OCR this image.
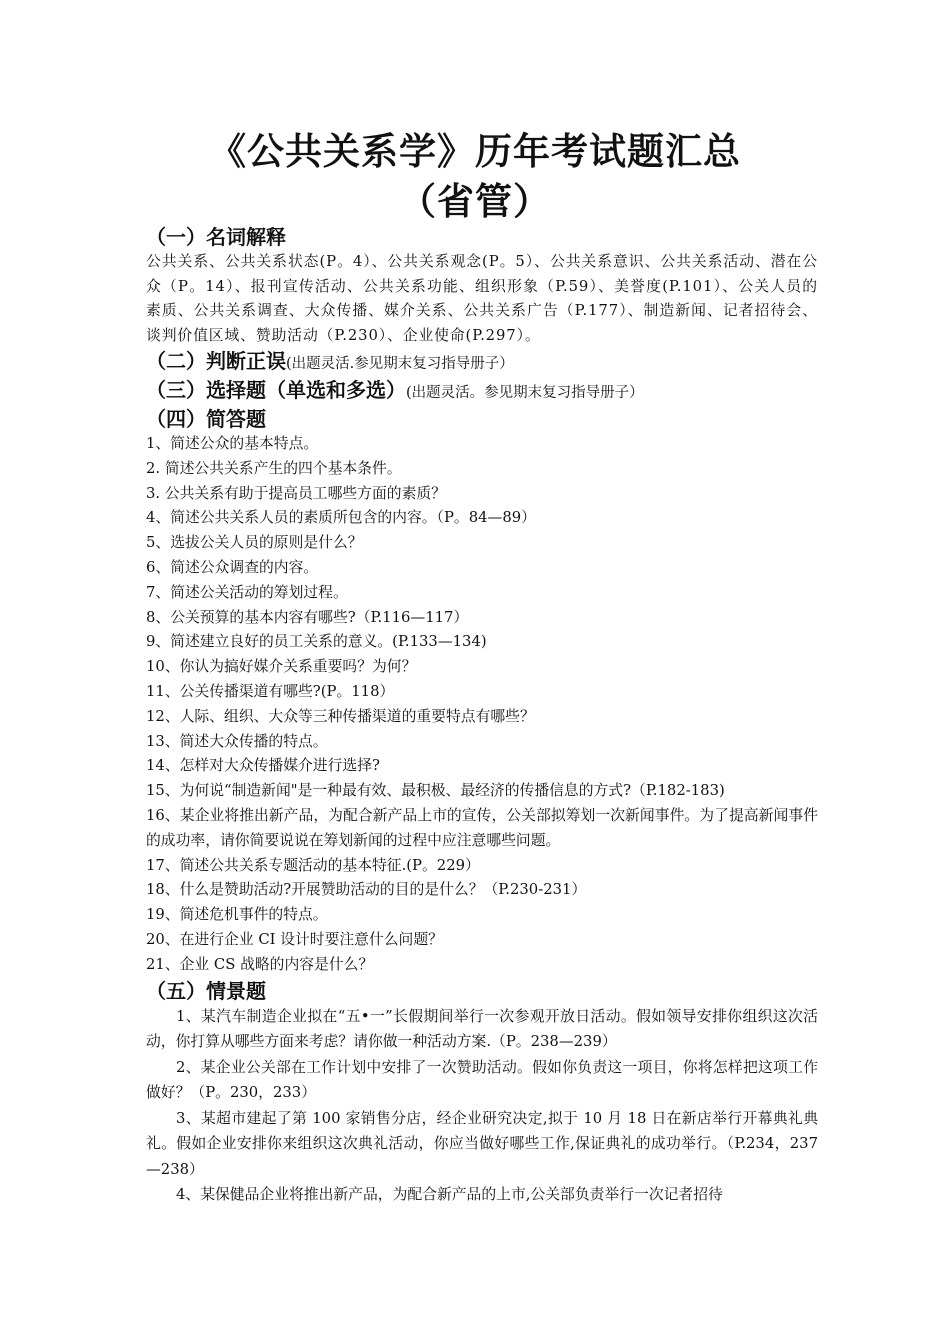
《公共关系学》历年考试题汇总
（省管）

（一）名词解释

公共关系、公共关系状态(P。4）、公共关系观念(P。5）、公共关系意识、公共关系活动、潜在公众（P。14）、报刊宣传活动、公共关系功能、组织形象（P.59）、美誉度(P.101）、公关人员的素质、公共关系调查、大众传播、媒介关系、公共关系广告（P.177）、制造新闻、记者招待会、谈判价值区域、赞助活动（P.230）、企业使命(P.297）。

（二）判断正误(出题灵活.参见期末复习指导册子）

（三）选择题（单选和多选）(出题灵活。参见期末复习指导册子）

（四）简答题

1、简述公众的基本特点。

2. 简述公共关系产生的四个基本条件。

3. 公共关系有助于提高员工哪些方面的素质？

4、简述公共关系人员的素质所包含的内容。（P。84—89）

5、选拔公关人员的原则是什么？

6、简述公众调查的内容。

7、简述公关活动的筹划过程。

8、公关预算的基本内容有哪些?（P.116—117）

9、简述建立良好的员工关系的意义。(P.133—134)

10、你认为搞好媒介关系重要吗？为何？

11、公关传播渠道有哪些?(P。118）

12、人际、组织、大众等三种传播渠道的重要特点有哪些？

13、简述大众传播的特点。

14、怎样对大众传播媒介进行选择?

15、为何说“制造新闻"是一种最有效、最积极、最经济的传播信息的方式?（P.182-183)

16、某企业将推出新产品，为配合新产品上市的宣传，公关部拟筹划一次新闻事件。为了提高新闻事件的成功率，请你简要说说在筹划新闻的过程中应注意哪些问题。

17、简述公共关系专题活动的基本特征.(P。229）

18、什么是赞助活动?开展赞助活动的目的是什么？（P.230-231）

19、简述危机事件的特点。

20、在进行企业 CI 设计时要注意什么问题？

21、企业 CS 战略的内容是什么？

（五）情景题

1、某汽车制造企业拟在“五•一”长假期间举行一次参观开放日活动。假如领导安排你组织这次活动，你打算从哪些方面来考虑？请你做一种活动方案.（P。238—239）

2、某企业公关部在工作计划中安排了一次赞助活动。假如你负责这一项目，你将怎样把这项工作做好？（P。230，233）

3、某超市建起了第 100 家销售分店，经企业研究决定,拟于 10 月 18 日在新店举行开幕典礼典礼。假如企业安排你来组织这次典礼活动，你应当做好哪些工作,保证典礼的成功举行。（P.234，237—238）

4、某保健品企业将推出新产品，为配合新产品的上市,公关部负责举行一次记者招待
